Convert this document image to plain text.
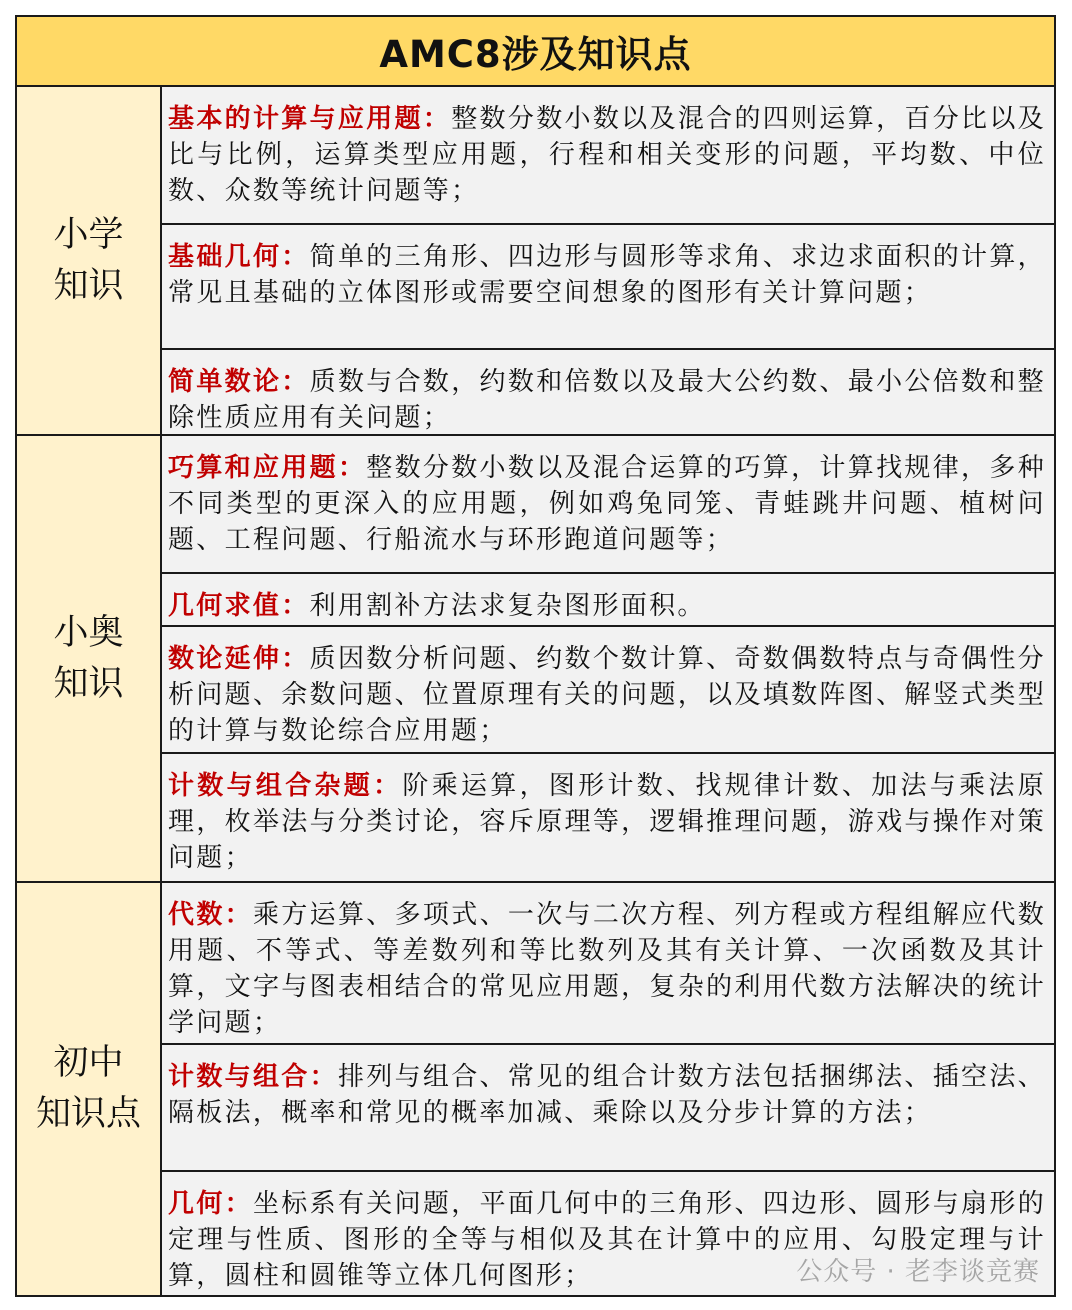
AMC8涉及知识点
小学
知识
基本的计算与应用题：整数分数小数以及混合的四则运算，百分比以及比与比例，运算类型应用题，行程和相关变形的问题，平均数、中位数、众数等统计问题等；
基础几何：简单的三角形、四边形与圆形等求角、求边求面积的计算，常见且基础的立体图形或需要空间想象的图形有关计算问题；
简单数论：质数与合数，约数和倍数以及最大公约数、最小公倍数和整除性质应用有关问题；
小奥
知识
巧算和应用题：整数分数小数以及混合运算的巧算，计算找规律，多种不同类型的更深入的应用题，例如鸡兔同笼、青蛙跳井问题、植树问题、工程问题、行船流水与环形跑道问题等；
几何求值：利用割补方法求复杂图形面积。
数论延伸：质因数分析问题、约数个数计算、奇数偶数特点与奇偶性分析问题、余数问题、位置原理有关的问题，以及填数阵图、解竖式类型的计算与数论综合应用题；
计数与组合杂题：阶乘运算，图形计数、找规律计数、加法与乘法原理，枚举法与分类讨论，容斥原理等，逻辑推理问题，游戏与操作对策问题；
初中
知识点
代数：乘方运算、多项式、一次与二次方程、列方程或方程组解应代数用题、不等式、等差数列和等比数列及其有关计算、一次函数及其计算，文字与图表相结合的常见应用题，复杂的利用代数方法解决的统计学问题；
计数与组合：排列与组合、常见的组合计数方法包括捆绑法、插空法、隔板法，概率和常见的概率加减、乘除以及分步计算的方法；
几何：坐标系有关问题，平面几何中的三角形、四边形、圆形与扇形的定理与性质、图形的全等与相似及其在计算中的应用、勾股定理与计算，圆柱和圆锥等立体几何图形；	公众号 · 老李谈竞赛
